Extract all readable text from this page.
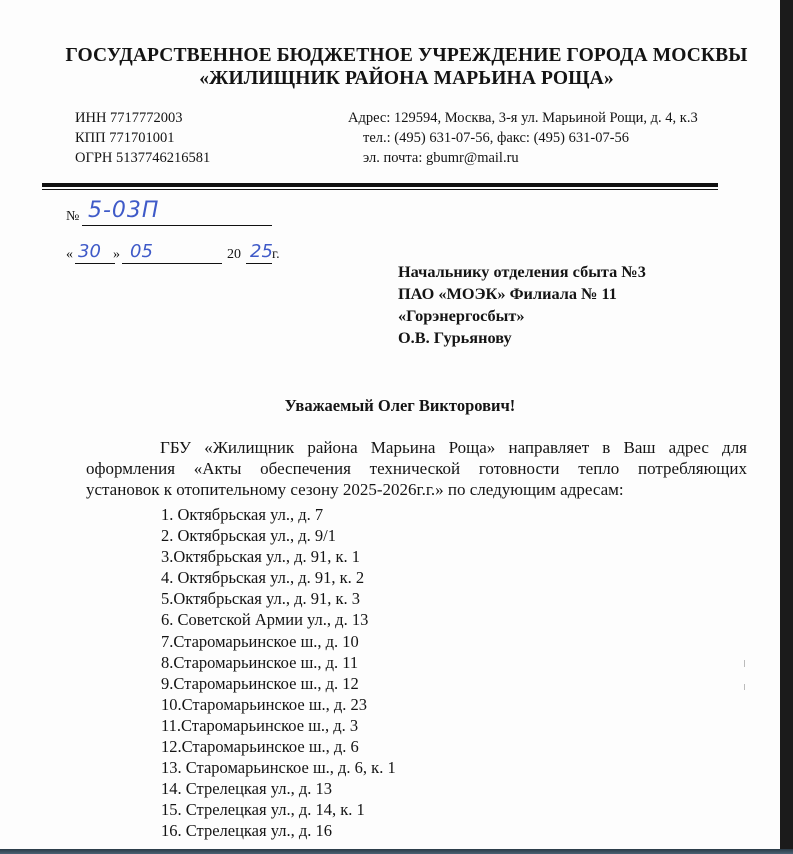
ГОСУДАРСТВЕННОЕ БЮДЖЕТНОЕ УЧРЕЖДЕНИЕ ГОРОДА МОСКВЫ
«ЖИЛИЩНИК РАЙОНА МАРЬИНА РОЩА»
ИНН 7717772003
КПП 771701001
ОГРН 5137746216581
Адрес: 129594, Москва, 3-я ул. Марьиной Рощи, д. 4, к.3
тел.: (495) 631-07-56, факс: (495) 631-07-56
эл. почта: gbumr@mail.ru
№ 5-03П
« 30 » 05	20 25 г.
Начальнику отделения сбыта №3
ПАО «МОЭК» Филиала № 11
«Горэнергосбыт»
О.В. Гурьянову
Уважаемый Олег Викторович!
ГБУ «Жилищник района Марьина Роща» направляет в Ваш адрес для
оформления «Акты обеспечения технической готовности тепло потребляющих
установок к отопительному сезону 2025-2026г.г.» по следующим адресам:
1. Октябрьская ул., д. 7
2. Октябрьская ул., д. 9/1
3.Октябрьская ул., д. 91, к. 1
4. Октябрьская ул., д. 91, к. 2
5.Октябрьская ул., д. 91, к. 3
6. Советской Армии ул., д. 13
7.Старомарьинское ш., д. 10
8.Старомарьинское ш., д. 11
9.Старомарьинское ш., д. 12
10.Старомарьинское ш., д. 23
11.Старомарьинское ш., д. 3
12.Старомарьинское ш., д. 6
13. Старомарьинское ш., д. 6, к. 1
14. Стрелецкая ул., д. 13
15. Стрелецкая ул., д. 14, к. 1
16. Стрелецкая ул., д. 16
